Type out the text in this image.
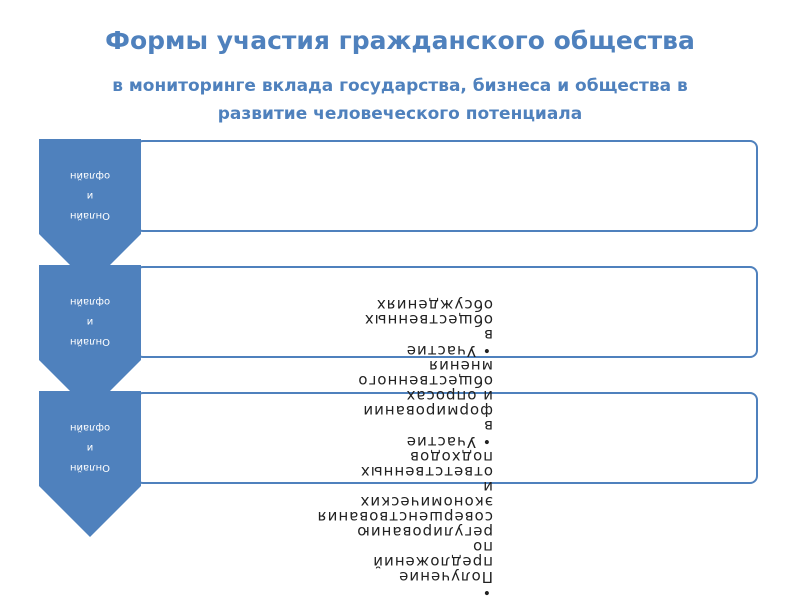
Формы участия гражданского общества
в мониторинге вклада государства, бизнеса и общества в
развитие человеческого потенциала
Онлайн
и
офлайн
Онлайн
и
офлайн
Онлайн
и
офлайн
• Получение предложений по регулированию совершенствования экономических и ответственных подходов
• Участие в формировании и опросах общественного мнения
• Участие в общественных обсуждениях
